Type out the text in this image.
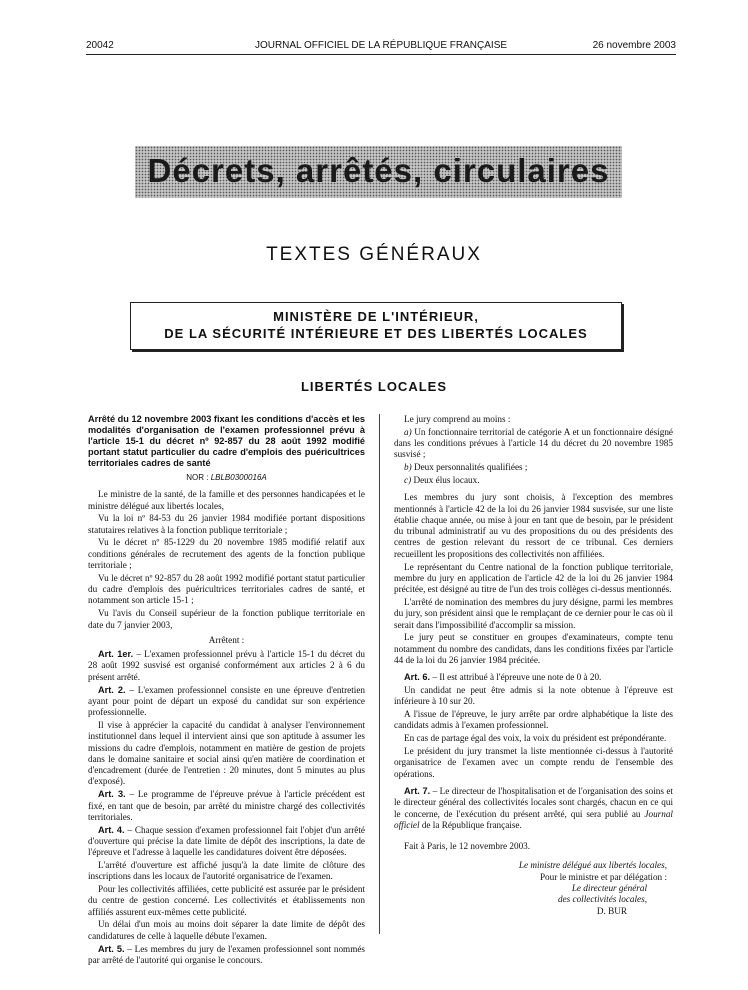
20042	JOURNAL OFFICIEL DE LA RÉPUBLIQUE FRANÇAISE	26 novembre 2003
Décrets, arrêtés, circulaires
TEXTES GÉNÉRAUX
MINISTÈRE DE L'INTÉRIEUR,
DE LA SÉCURITÉ INTÉRIEURE ET DES LIBERTÉS LOCALES
LIBERTÉS LOCALES

Arrêté du 12 novembre 2003 fixant les conditions d'accès et les modalités d'organisation de l'examen professionnel prévu à l'article 15-1 du décret nº 92-857 du 28 août 1992 modifié portant statut particulier du cadre d'emplois des puéricultrices territoriales cadres de santé

NOR : LBLB0300016A

Le ministre de la santé, de la famille et des personnes handicapées et le ministre délégué aux libertés locales,

Vu la loi nº 84-53 du 26 janvier 1984 modifiée portant dispositions statutaires relatives à la fonction publique territoriale ;

Vu le décret nº 85-1229 du 20 novembre 1985 modifié relatif aux conditions générales de recrutement des agents de la fonction publique territoriale ;

Vu le décret nº 92-857 du 28 août 1992 modifié portant statut particulier du cadre d'emplois des puéricultrices territoriales cadres de santé, et notamment son article 15-1 ;

Vu l'avis du Conseil supérieur de la fonction publique territoriale en date du 7 janvier 2003,

Arrêtent :

Art. 1er. – L'examen professionnel prévu à l'article 15-1 du décret du 28 août 1992 susvisé est organisé conformément aux articles 2 à 6 du présent arrêté.

Art. 2. – L'examen professionnel consiste en une épreuve d'entretien ayant pour point de départ un exposé du candidat sur son expérience professionnelle.

Il vise à apprécier la capacité du candidat à analyser l'environnement institutionnel dans lequel il intervient ainsi que son aptitude à assumer les missions du cadre d'emplois, notamment en matière de gestion de projets dans le domaine sanitaire et social ainsi qu'en matière de coordination et d'encadrement (durée de l'entretien : 20 minutes, dont 5 minutes au plus d'exposé).

Art. 3. – Le programme de l'épreuve prévue à l'article précédent est fixé, en tant que de besoin, par arrêté du ministre chargé des collectivités territoriales.

Art. 4. – Chaque session d'examen professionnel fait l'objet d'un arrêté d'ouverture qui précise la date limite de dépôt des inscriptions, la date de l'épreuve et l'adresse à laquelle les candidatures doivent être déposées.

L'arrêté d'ouverture est affiché jusqu'à la date limite de clôture des inscriptions dans les locaux de l'autorité organisatrice de l'examen.

Pour les collectivités affiliées, cette publicité est assurée par le président du centre de gestion concerné. Les collectivités et établissements non affiliés assurent eux-mêmes cette publicité.

Un délai d'un mois au moins doit séparer la date limite de dépôt des candidatures de celle à laquelle débute l'examen.

Art. 5. – Les membres du jury de l'examen professionnel sont nommés par arrêté de l'autorité qui organise le concours.

Le jury comprend au moins :

a) Un fonctionnaire territorial de catégorie A et un fonctionnaire désigné dans les conditions prévues à l'article 14 du décret du 20 novembre 1985 susvisé ;

b) Deux personnalités qualifiées ;

c) Deux élus locaux.

Les membres du jury sont choisis, à l'exception des membres mentionnés à l'article 42 de la loi du 26 janvier 1984 susvisée, sur une liste établie chaque année, ou mise à jour en tant que de besoin, par le président du tribunal administratif au vu des propositions du ou des présidents des centres de gestion relevant du ressort de ce tribunal. Ces derniers recueillent les propositions des collectivités non affiliées.

Le représentant du Centre national de la fonction publique territoriale, membre du jury en application de l'article 42 de la loi du 26 janvier 1984 précitée, est désigné au titre de l'un des trois collèges ci-dessus mentionnés.

L'arrêté de nomination des membres du jury désigne, parmi les membres du jury, son président ainsi que le remplaçant de ce dernier pour le cas où il serait dans l'impossibilité d'accomplir sa mission.

Le jury peut se constituer en groupes d'examinateurs, compte tenu notamment du nombre des candidats, dans les conditions fixées par l'article 44 de la loi du 26 janvier 1984 précitée.

Art. 6. – Il est attribué à l'épreuve une note de 0 à 20.

Un candidat ne peut être admis si la note obtenue à l'épreuve est inférieure à 10 sur 20.

A l'issue de l'épreuve, le jury arrête par ordre alphabétique la liste des candidats admis à l'examen professionnel.

En cas de partage égal des voix, la voix du président est prépondérante.

Le président du jury transmet la liste mentionnée ci-dessus à l'autorité organisatrice de l'examen avec un compte rendu de l'ensemble des opérations.

Art. 7. – Le directeur de l'hospitalisation et de l'organisation des soins et le directeur général des collectivités locales sont chargés, chacun en ce qui le concerne, de l'exécution du présent arrêté, qui sera publié au Journal officiel de la République française.

Fait à Paris, le 12 novembre 2003.

Le ministre délégué aux libertés locales,
Pour le ministre et par délégation :
Le directeur général
des collectivités locales,
D. BUR
